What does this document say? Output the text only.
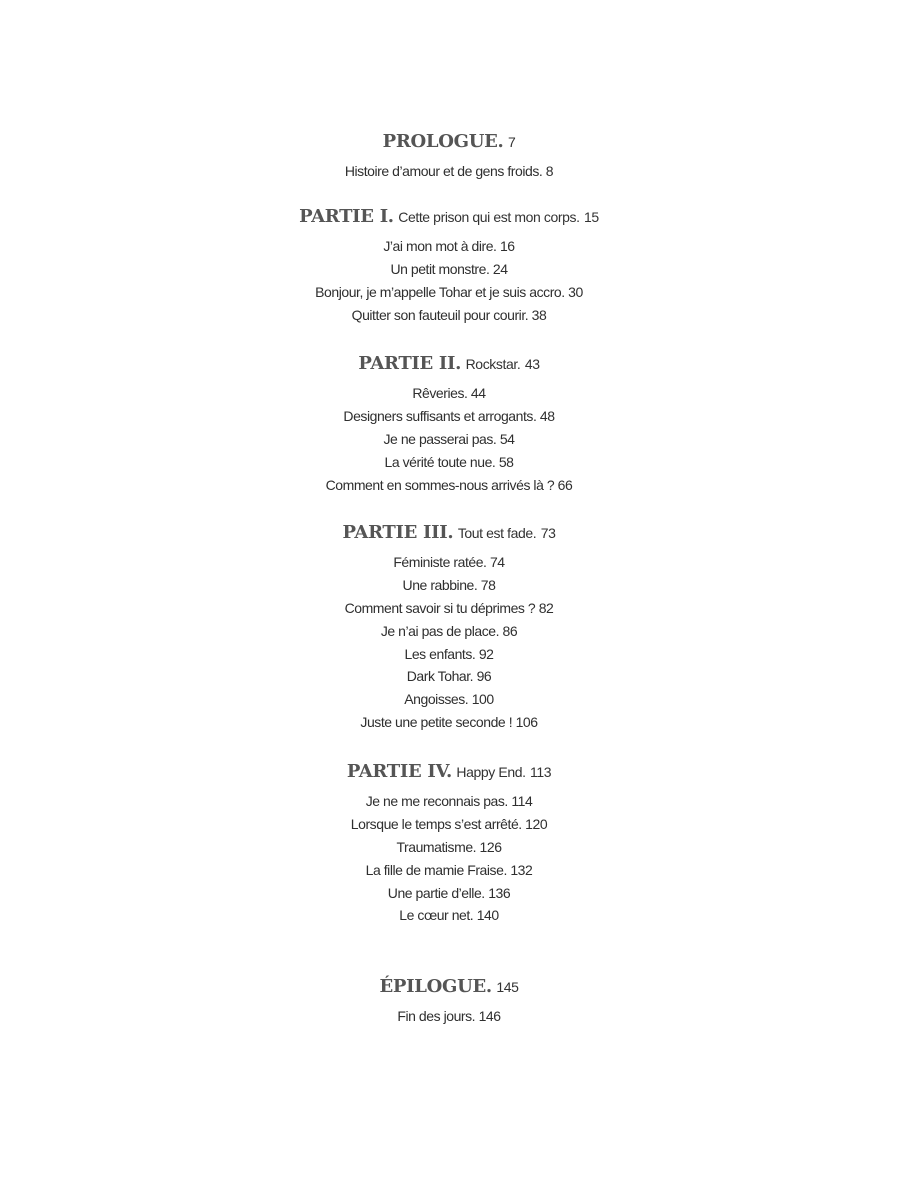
PROLOGUE. 7
Histoire d’amour et de gens froids. 8
PARTIE I. Cette prison qui est mon corps. 15
J’ai mon mot à dire. 16
Un petit monstre. 24
Bonjour, je m’appelle Tohar et je suis accro. 30
Quitter son fauteuil pour courir. 38
PARTIE II. Rockstar. 43
Rêveries. 44
Designers suffisants et arrogants. 48
Je ne passerai pas. 54
La vérité toute nue. 58
Comment en sommes-nous arrivés là ? 66
PARTIE III. Tout est fade. 73
Féministe ratée. 74
Une rabbine. 78
Comment savoir si tu déprimes ? 82
Je n’ai pas de place. 86
Les enfants. 92
Dark Tohar. 96
Angoisses. 100
Juste une petite seconde ! 106
PARTIE IV. Happy End. 113
Je ne me reconnais pas. 114
Lorsque le temps s’est arrêté. 120
Traumatisme. 126
La fille de mamie Fraise. 132
Une partie d’elle. 136
Le cœur net. 140
ÉPILOGUE. 145
Fin des jours. 146
